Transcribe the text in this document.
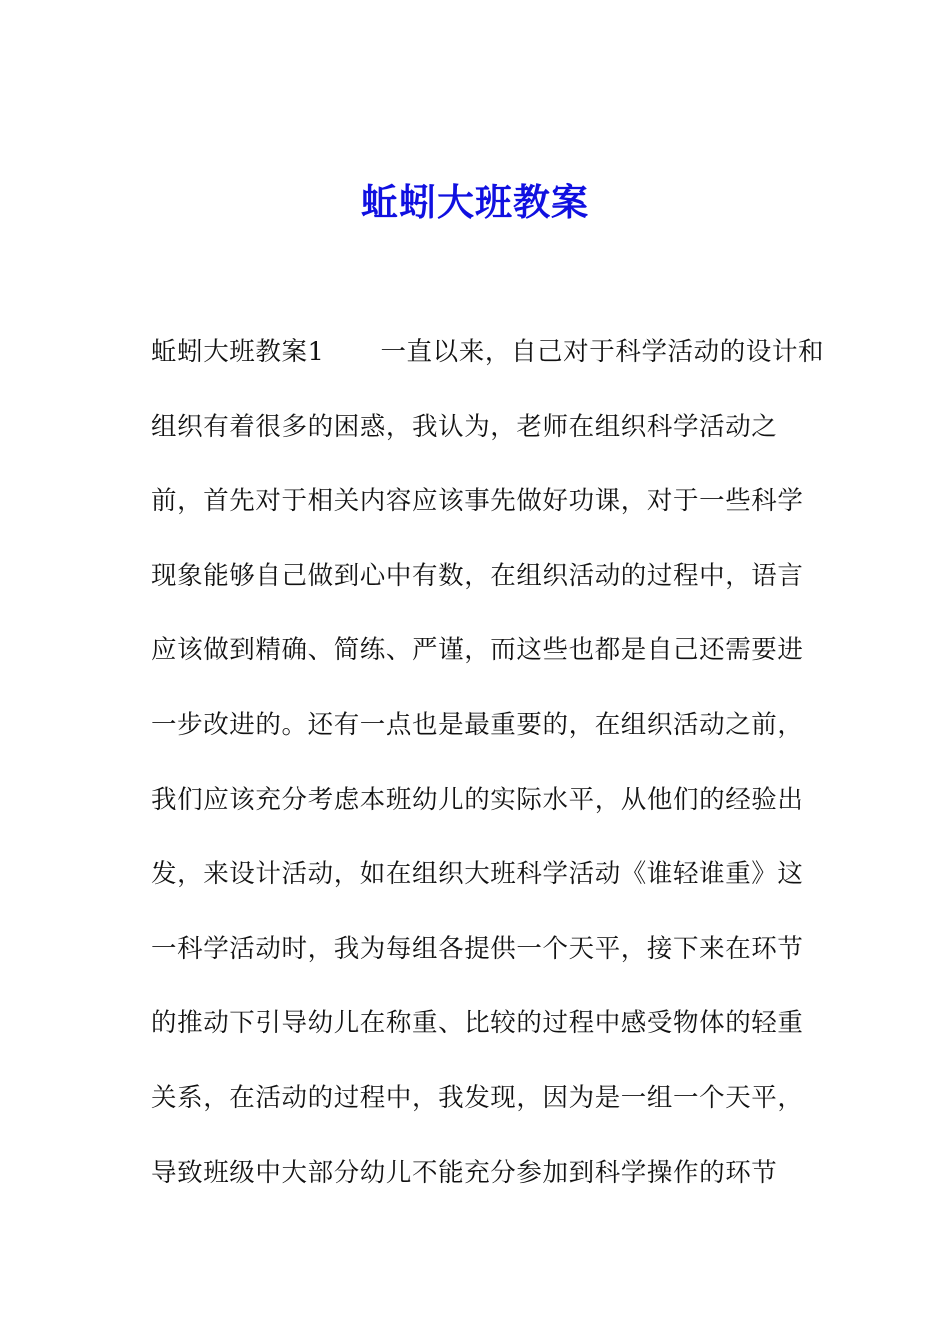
蚯蚓大班教案
蚯蚓大班教案1 一直以来，自己对于科学活动的设计和
组织有着很多的困惑，我认为，老师在组织科学活动之
前，首先对于相关内容应该事先做好功课，对于一些科学
现象能够自己做到心中有数，在组织活动的过程中，语言
应该做到精确、简练、严谨，而这些也都是自己还需要进
一步改进的。还有一点也是最重要的，在组织活动之前，
我们应该充分考虑本班幼儿的实际水平，从他们的经验出
发，来设计活动，如在组织大班科学活动《谁轻谁重》这
一科学活动时，我为每组各提供一个天平，接下来在环节
的推动下引导幼儿在称重、比较的过程中感受物体的轻重
关系，在活动的过程中，我发现，因为是一组一个天平，
导致班级中大部分幼儿不能充分参加到科学操作的环节
